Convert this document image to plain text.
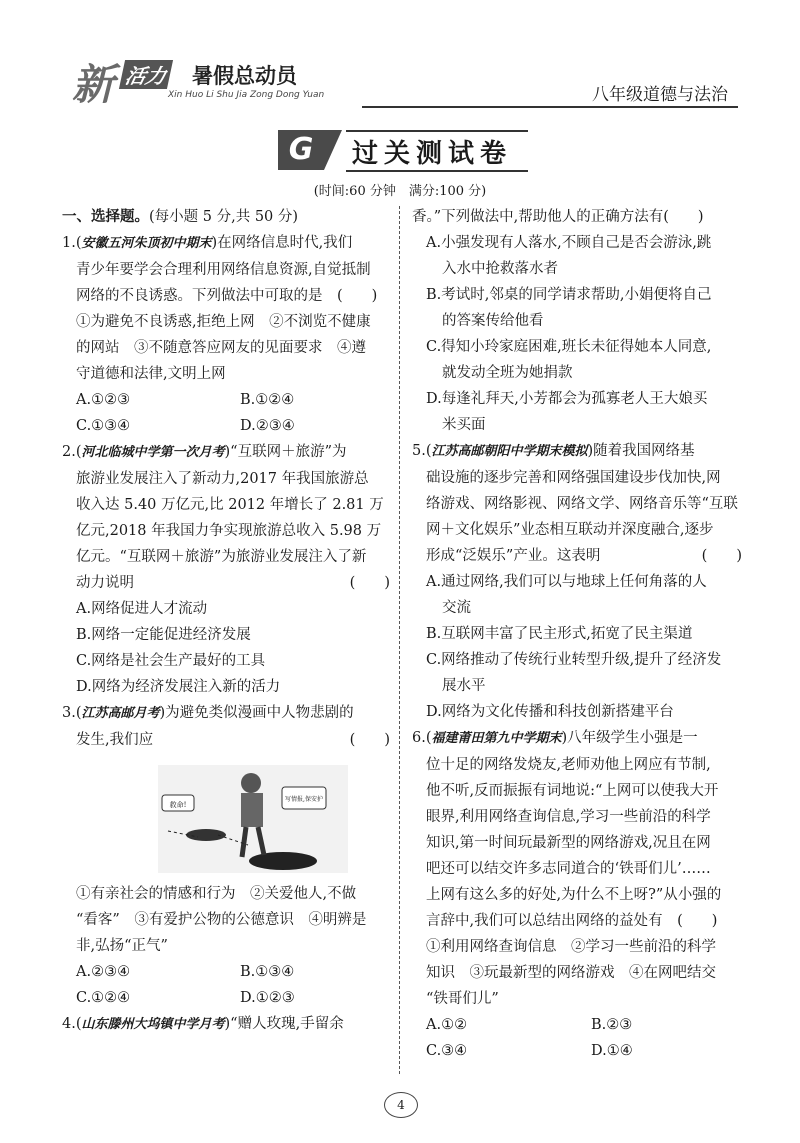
新 活力 暑假总动员
Xin Huo Li Shu Jia Zong Dong Yuan	八年级道德与法治
G	过关测试卷
(时间:60 分钟　满分:100 分)
一、选择题。(每小题 5 分,共 50 分)
1.(安徽五河朱顶初中期末)在网络信息时代,我们
青少年要学会合理利用网络信息资源,自觉抵制
网络的不良诱惑。下列做法中可取的是　(　　)
①为避免不良诱惑,拒绝上网　②不浏览不健康
的网站　③不随意答应网友的见面要求　④遵
守道德和法律,文明上网
A.①②③	B.①②④
C.①③④	D.②③④
2.(河北临城中学第一次月考)“互联网＋旅游”为
旅游业发展注入了新动力,2017 年我国旅游总
收入达 5.40 万亿元,比 2012 年增长了 2.81 万
亿元,2018 年我国力争实现旅游总收入 5.98 万
亿元。“互联网＋旅游”为旅游业发展注入了新
动力说明	(　　)
A.网络促进人才流动
B.网络一定能促进经济发展
C.网络是社会生产最好的工具
D.网络为经济发展注入新的活力
3.(江苏高邮月考)为避免类似漫画中人物悲剧的
发生,我们应	(　　)
救命!
写情报,保安护
①有亲社会的情感和行为　②关爱他人,不做
“看客”　③有爱护公物的公德意识　④明辨是
非,弘扬“正气”
A.②③④	B.①③④
C.①②④	D.①②③
4.(山东滕州大坞镇中学月考)“赠人玫瑰,手留余
香。”下列做法中,帮助他人的正确方法有(　　)
A.小强发现有人落水,不顾自己是否会游泳,跳
入水中抢救落水者
B.考试时,邻桌的同学请求帮助,小娟便将自己
的答案传给他看
C.得知小玲家庭困难,班长未征得她本人同意,
就发动全班为她捐款
D.每逢礼拜天,小芳都会为孤寡老人王大娘买
米买面
5.(江苏高邮朝阳中学期末模拟)随着我国网络基
础设施的逐步完善和网络强国建设步伐加快,网
络游戏、网络影视、网络文学、网络音乐等“互联
网＋文化娱乐”业态相互联动并深度融合,逐步
形成“泛娱乐”产业。这表明	(　　)
A.通过网络,我们可以与地球上任何角落的人
交流
B.互联网丰富了民主形式,拓宽了民主渠道
C.网络推动了传统行业转型升级,提升了经济发
展水平
D.网络为文化传播和科技创新搭建平台
6.(福建莆田第九中学期末)八年级学生小强是一
位十足的网络发烧友,老师劝他上网应有节制,
他不听,反而振振有词地说:“上网可以使我大开
眼界,利用网络查询信息,学习一些前沿的科学
知识,第一时间玩最新型的网络游戏,况且在网
吧还可以结交许多志同道合的‘铁哥们儿’……
上网有这么多的好处,为什么不上呀?”从小强的
言辞中,我们可以总结出网络的益处有　(　　)
①利用网络查询信息　②学习一些前沿的科学
知识　③玩最新型的网络游戏　④在网吧结交
“铁哥们儿”
A.①②	B.②③
C.③④	D.①④
4
